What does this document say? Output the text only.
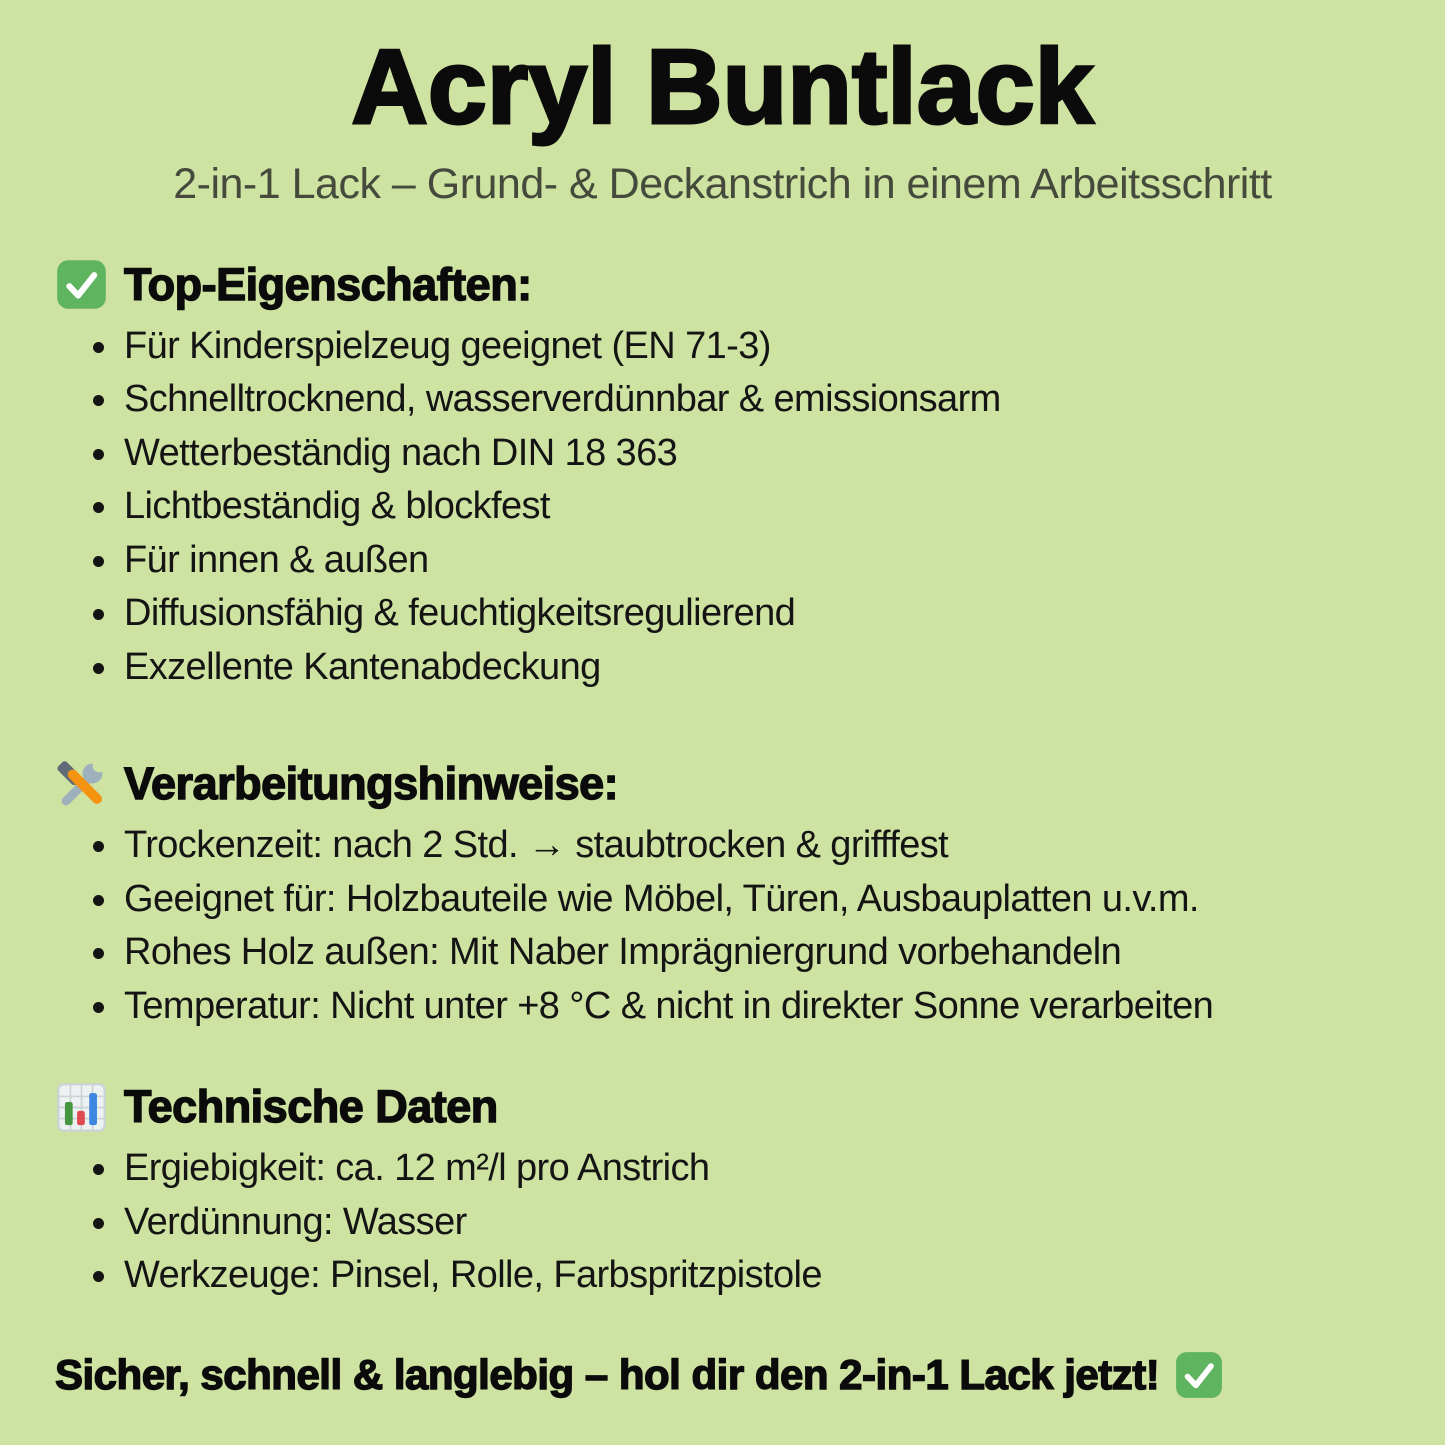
Acryl Buntlack
2-in-1 Lack – Grund- & Deckanstrich in einem Arbeitsschritt
Top-Eigenschaften:
Für Kinderspielzeug geeignet (EN 71-3)
Schnelltrocknend, wasserverdünnbar & emissionsarm
Wetterbeständig nach DIN 18 363
Lichtbeständig & blockfest
Für innen & außen
Diffusionsfähig & feuchtigkeitsregulierend
Exzellente Kantenabdeckung
Verarbeitungshinweise:
Trockenzeit: nach 2 Std. → staubtrocken & grifffest
Geeignet für: Holzbauteile wie Möbel, Türen, Ausbauplatten u.v.m.
Rohes Holz außen: Mit Naber Imprägniergrund vorbehandeln
Temperatur: Nicht unter +8 °C & nicht in direkter Sonne verarbeiten
Technische Daten
Ergiebigkeit: ca. 12 m²/l pro Anstrich
Verdünnung: Wasser
Werkzeuge: Pinsel, Rolle, Farbspritzpistole
Sicher, schnell & langlebig – hol dir den 2-in-1 Lack jetzt!
